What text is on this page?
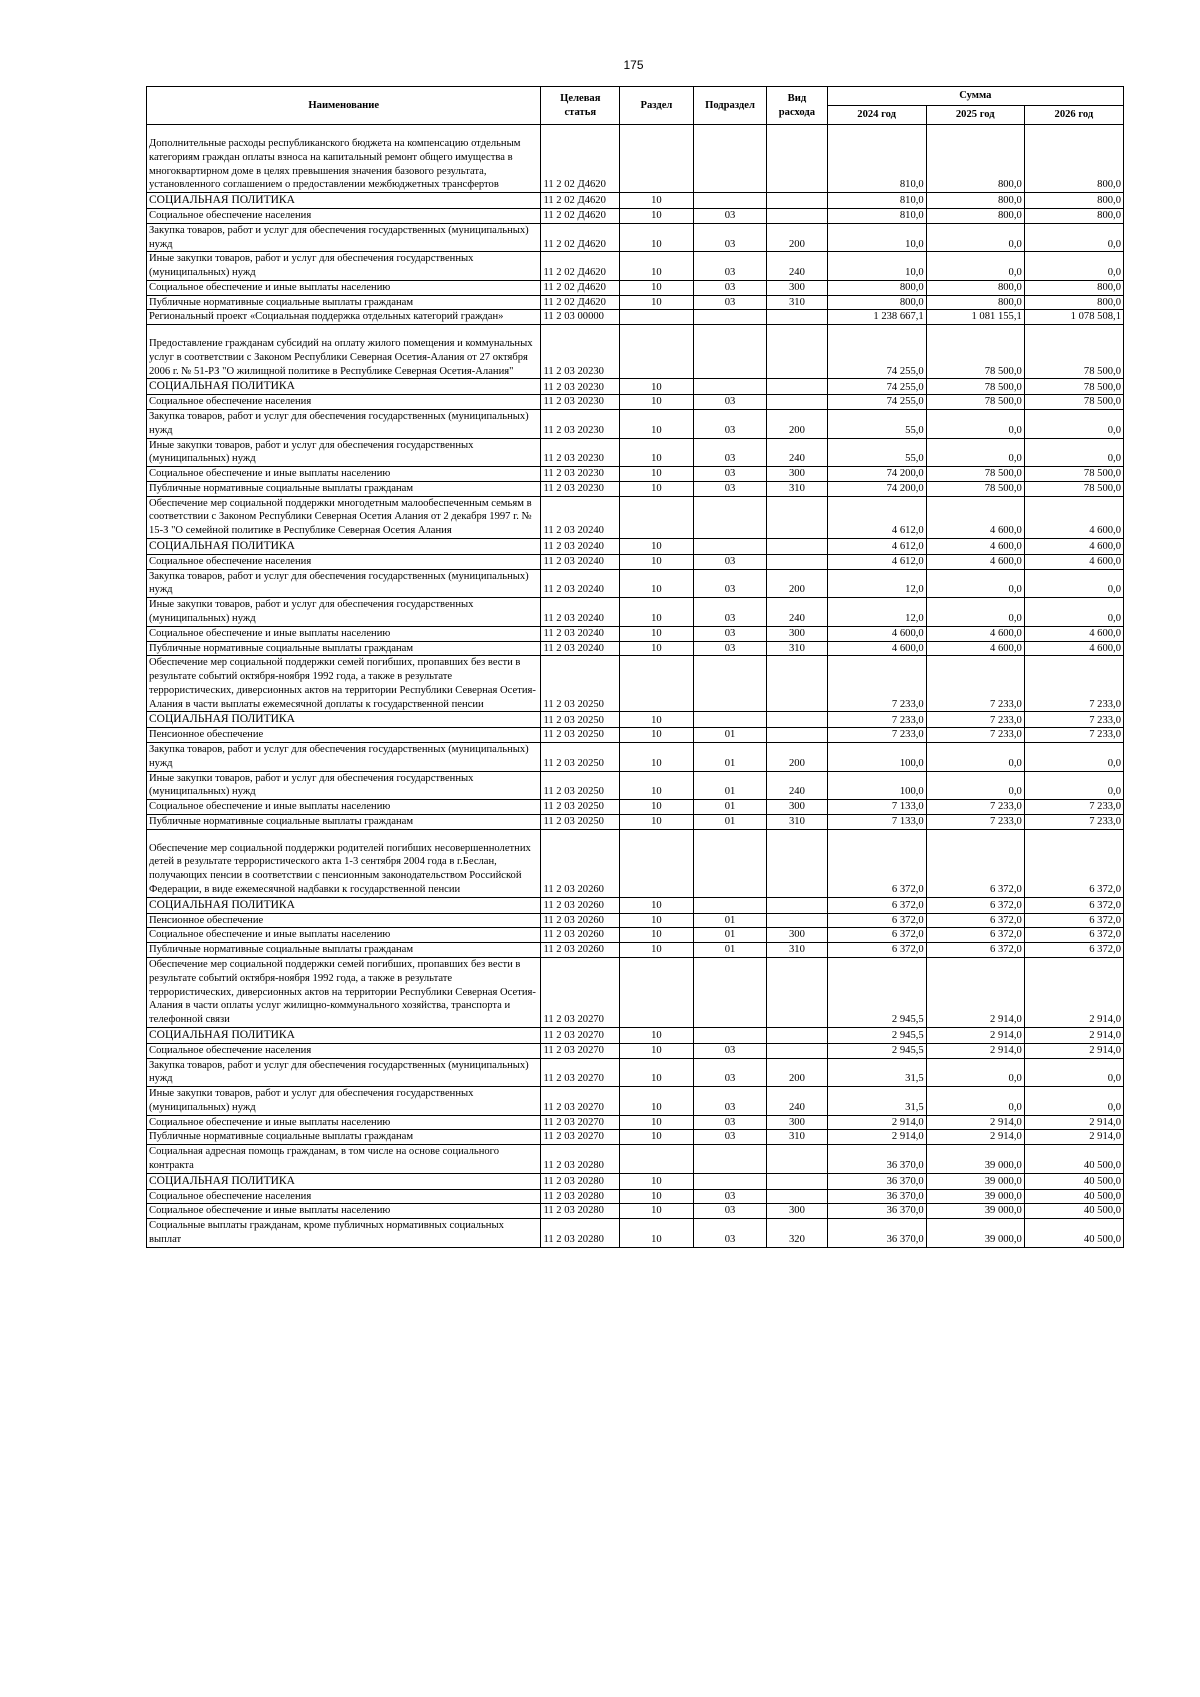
175
Наименование	Целевая статья	Раздел	Подраздел	Вид расхода	Сумма		
					2024 год	2025 год	2026 год
Дополнительные расходы республиканского бюджета на компенсацию отдельным категориям граждан оплаты взноса на капитальный ремонт общего имущества в многоквартирном доме в целях превышения значения базового результата, установленного соглашением о предоставлении межбюджетных трансфертов	11 2 02 Д4620				810,0	800,0	800,0
СОЦИАЛЬНАЯ ПОЛИТИКА	11 2 02 Д4620	10			810,0	800,0	800,0
Социальное обеспечение населения	11 2 02 Д4620	10	03		810,0	800,0	800,0
Закупка товаров, работ и услуг для обеспечения государственных (муниципальных) нужд	11 2 02 Д4620	10	03	200	10,0	0,0	0,0
Иные закупки товаров, работ и услуг для обеспечения государственных (муниципальных) нужд	11 2 02 Д4620	10	03	240	10,0	0,0	0,0
Социальное обеспечение и иные выплаты населению	11 2 02 Д4620	10	03	300	800,0	800,0	800,0
Публичные нормативные социальные выплаты гражданам	11 2 02 Д4620	10	03	310	800,0	800,0	800,0
Региональный проект «Социальная поддержка отдельных категорий граждан»	11 2 03 00000				1 238 667,1	1 081 155,1	1 078 508,1
Предоставление гражданам субсидий на оплату жилого помещения и коммунальных услуг в соответствии с Законом Республики Северная Осетия-Алания от 27 октября 2006 г. № 51-РЗ "О жилищной политике в Республике Северная Осетия-Алания"	11 2 03 20230				74 255,0	78 500,0	78 500,0
СОЦИАЛЬНАЯ ПОЛИТИКА	11 2 03 20230	10			74 255,0	78 500,0	78 500,0
Социальное обеспечение населения	11 2 03 20230	10	03		74 255,0	78 500,0	78 500,0
Закупка товаров, работ и услуг для обеспечения государственных (муниципальных) нужд	11 2 03 20230	10	03	200	55,0	0,0	0,0
Иные закупки товаров, работ и услуг для обеспечения государственных (муниципальных) нужд	11 2 03 20230	10	03	240	55,0	0,0	0,0
Социальное обеспечение и иные выплаты населению	11 2 03 20230	10	03	300	74 200,0	78 500,0	78 500,0
Публичные нормативные социальные выплаты гражданам	11 2 03 20230	10	03	310	74 200,0	78 500,0	78 500,0
Обеспечение мер социальной поддержки многодетным малообеспеченным семьям в соответствии с Законом Республики Северная Осетия Алания от 2 декабря 1997 г. № 15-З "О семейной политике в Республике Северная Осетия Алания	11 2 03 20240				4 612,0	4 600,0	4 600,0
СОЦИАЛЬНАЯ ПОЛИТИКА	11 2 03 20240	10			4 612,0	4 600,0	4 600,0
Социальное обеспечение населения	11 2 03 20240	10	03		4 612,0	4 600,0	4 600,0
Закупка товаров, работ и услуг для обеспечения государственных (муниципальных) нужд	11 2 03 20240	10	03	200	12,0	0,0	0,0
Иные закупки товаров, работ и услуг для обеспечения государственных (муниципальных) нужд	11 2 03 20240	10	03	240	12,0	0,0	0,0
Социальное обеспечение и иные выплаты населению	11 2 03 20240	10	03	300	4 600,0	4 600,0	4 600,0
Публичные нормативные социальные выплаты гражданам	11 2 03 20240	10	03	310	4 600,0	4 600,0	4 600,0
Обеспечение мер социальной поддержки семей погибших, пропавших без вести в результате событий октября-ноября 1992 года, а также в результате террористических, диверсионных актов на территории Республики Северная Осетия-Алания в части выплаты ежемесячной доплаты к государственной пенсии	11 2 03 20250				7 233,0	7 233,0	7 233,0
СОЦИАЛЬНАЯ ПОЛИТИКА	11 2 03 20250	10			7 233,0	7 233,0	7 233,0
Пенсионное обеспечение	11 2 03 20250	10	01		7 233,0	7 233,0	7 233,0
Закупка товаров, работ и услуг для обеспечения государственных (муниципальных) нужд	11 2 03 20250	10	01	200	100,0	0,0	0,0
Иные закупки товаров, работ и услуг для обеспечения государственных (муниципальных) нужд	11 2 03 20250	10	01	240	100,0	0,0	0,0
Социальное обеспечение и иные выплаты населению	11 2 03 20250	10	01	300	7 133,0	7 233,0	7 233,0
Публичные нормативные социальные выплаты гражданам	11 2 03 20250	10	01	310	7 133,0	7 233,0	7 233,0
Обеспечение мер социальной поддержки родителей погибших несовершеннолетних детей в результате террористического акта 1-3 сентября 2004 года в г.Беслан, получающих пенсии в соответствии с пенсионным законодательством Российской Федерации, в виде ежемесячной надбавки к государственной пенсии	11 2 03 20260				6 372,0	6 372,0	6 372,0
СОЦИАЛЬНАЯ ПОЛИТИКА	11 2 03 20260	10			6 372,0	6 372,0	6 372,0
Пенсионное обеспечение	11 2 03 20260	10	01		6 372,0	6 372,0	6 372,0
Социальное обеспечение и иные выплаты населению	11 2 03 20260	10	01	300	6 372,0	6 372,0	6 372,0
Публичные нормативные социальные выплаты гражданам	11 2 03 20260	10	01	310	6 372,0	6 372,0	6 372,0
Обеспечение мер социальной поддержки семей погибших, пропавших без вести в результате событий октября-ноября 1992 года, а также в результате террористических, диверсионных актов на территории Республики Северная Осетия-Алания в части оплаты услуг жилищно-коммунального хозяйства, транспорта и телефонной связи	11 2 03 20270				2 945,5	2 914,0	2 914,0
СОЦИАЛЬНАЯ ПОЛИТИКА	11 2 03 20270	10			2 945,5	2 914,0	2 914,0
Социальное обеспечение населения	11 2 03 20270	10	03		2 945,5	2 914,0	2 914,0
Закупка товаров, работ и услуг для обеспечения государственных (муниципальных) нужд	11 2 03 20270	10	03	200	31,5	0,0	0,0
Иные закупки товаров, работ и услуг для обеспечения государственных (муниципальных) нужд	11 2 03 20270	10	03	240	31,5	0,0	0,0
Социальное обеспечение и иные выплаты населению	11 2 03 20270	10	03	300	2 914,0	2 914,0	2 914,0
Публичные нормативные социальные выплаты гражданам	11 2 03 20270	10	03	310	2 914,0	2 914,0	2 914,0
Социальная адресная помощь гражданам, в том числе на основе социального контракта	11 2 03 20280				36 370,0	39 000,0	40 500,0
СОЦИАЛЬНАЯ ПОЛИТИКА	11 2 03 20280	10			36 370,0	39 000,0	40 500,0
Социальное обеспечение населения	11 2 03 20280	10	03		36 370,0	39 000,0	40 500,0
Социальное обеспечение и иные выплаты населению	11 2 03 20280	10	03	300	36 370,0	39 000,0	40 500,0
Социальные выплаты гражданам, кроме публичных нормативных социальных выплат	11 2 03 20280	10	03	320	36 370,0	39 000,0	40 500,0
